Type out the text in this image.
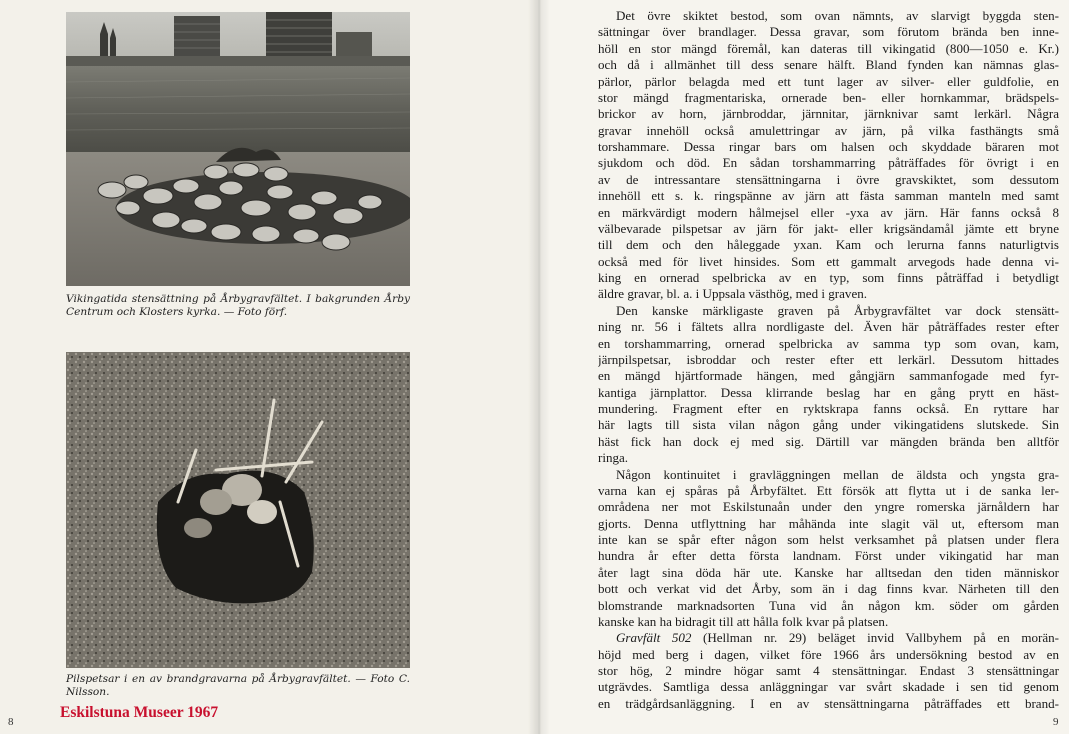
Vikingatida stensättning på Årbygravfältet. I bakgrunden Årby Centrum och Klosters kyrka. — Foto förf.
Pilspetsar i en av brandgravarna på Årbygravfältet. — Foto C. Nilsson.
8
Eskilstuna Museer 1967
Det övre skiktet bestod, som ovan nämnts, av slarvigt byggda sten-
sättningar över brandlager. Dessa gravar, som förutom brända ben inne-
höll en stor mängd föremål, kan dateras till vikingatid (800—1050 e. Kr.)
och då i allmänhet till dess senare hälft. Bland fynden kan nämnas glas-
pärlor, pärlor belagda med ett tunt lager av silver- eller guldfolie, en
stor mängd fragmentariska, ornerade ben- eller hornkammar, brädspels-
brickor av horn, järnbroddar, järnnitar, järnknivar samt lerkärl. Några
gravar innehöll också amulettringar av järn, på vilka fasthängts små
torshammare. Dessa ringar bars om halsen och skyddade bäraren mot
sjukdom och död. En sådan torshammarring påträffades för övrigt i en
av de intressantare stensättningarna i övre gravskiktet, som dessutom
innehöll ett s. k. ringspänne av järn att fästa samman manteln med samt
en märkvärdigt modern hålmejsel eller -yxa av järn. Här fanns också 8
välbevarade pilspetsar av järn för jakt- eller krigsändamål jämte ett bryne
till dem och den håleggade yxan. Kam och lerurna fanns naturligtvis
också med för livet hinsides. Som ett gammalt arvegods hade denna vi-
king en ornerad spelbricka av en typ, som finns påträffad i betydligt
äldre gravar, bl. a. i Uppsala västhög, med i graven.
Den kanske märkligaste graven på Årbygravfältet var dock stensätt-
ning nr. 56 i fältets allra nordligaste del. Även här påträffades rester efter
en torshammarring, ornerad spelbricka av samma typ som ovan, kam,
järnpilspetsar, isbroddar och rester efter ett lerkärl. Dessutom hittades
en mängd hjärtformade hängen, med gångjärn sammanfogade med fyr-
kantiga järnplattor. Dessa klirrande beslag har en gång prytt en häst-
mundering. Fragment efter en ryktskrapa fanns också. En ryttare har
här lagts till sista vilan någon gång under vikingatidens slutskede. Sin
häst fick han dock ej med sig. Därtill var mängden brända ben alltför
ringa.
Någon kontinuitet i gravläggningen mellan de äldsta och yngsta gra-
varna kan ej spåras på Årbyfältet. Ett försök att flytta ut i de sanka ler-
områdena ner mot Eskilstunaån under den yngre romerska järnåldern har
gjorts. Denna utflyttning har måhända inte slagit väl ut, eftersom man
inte kan se spår efter någon som helst verksamhet på platsen under flera
hundra år efter detta första landnam. Först under vikingatid har man
åter lagt sina döda här ute. Kanske har alltsedan den tiden människor
bott och verkat vid det Årby, som än i dag finns kvar. Närheten till den
blomstrande marknadsorten Tuna vid ån någon km. söder om gården
kanske kan ha bidragit till att hålla folk kvar på platsen.
Gravfält 502 (Hellman nr. 29) beläget invid Vallbyhem på en morän-
höjd med berg i dagen, vilket före 1966 års undersökning bestod av en
stor hög, 2 mindre högar samt 4 stensättningar. Endast 3 stensättningar
utgrävdes. Samtliga dessa anläggningar var svårt skadade i sen tid genom
en trädgårdsanläggning. I en av stensättningarna påträffades ett brand-
9
